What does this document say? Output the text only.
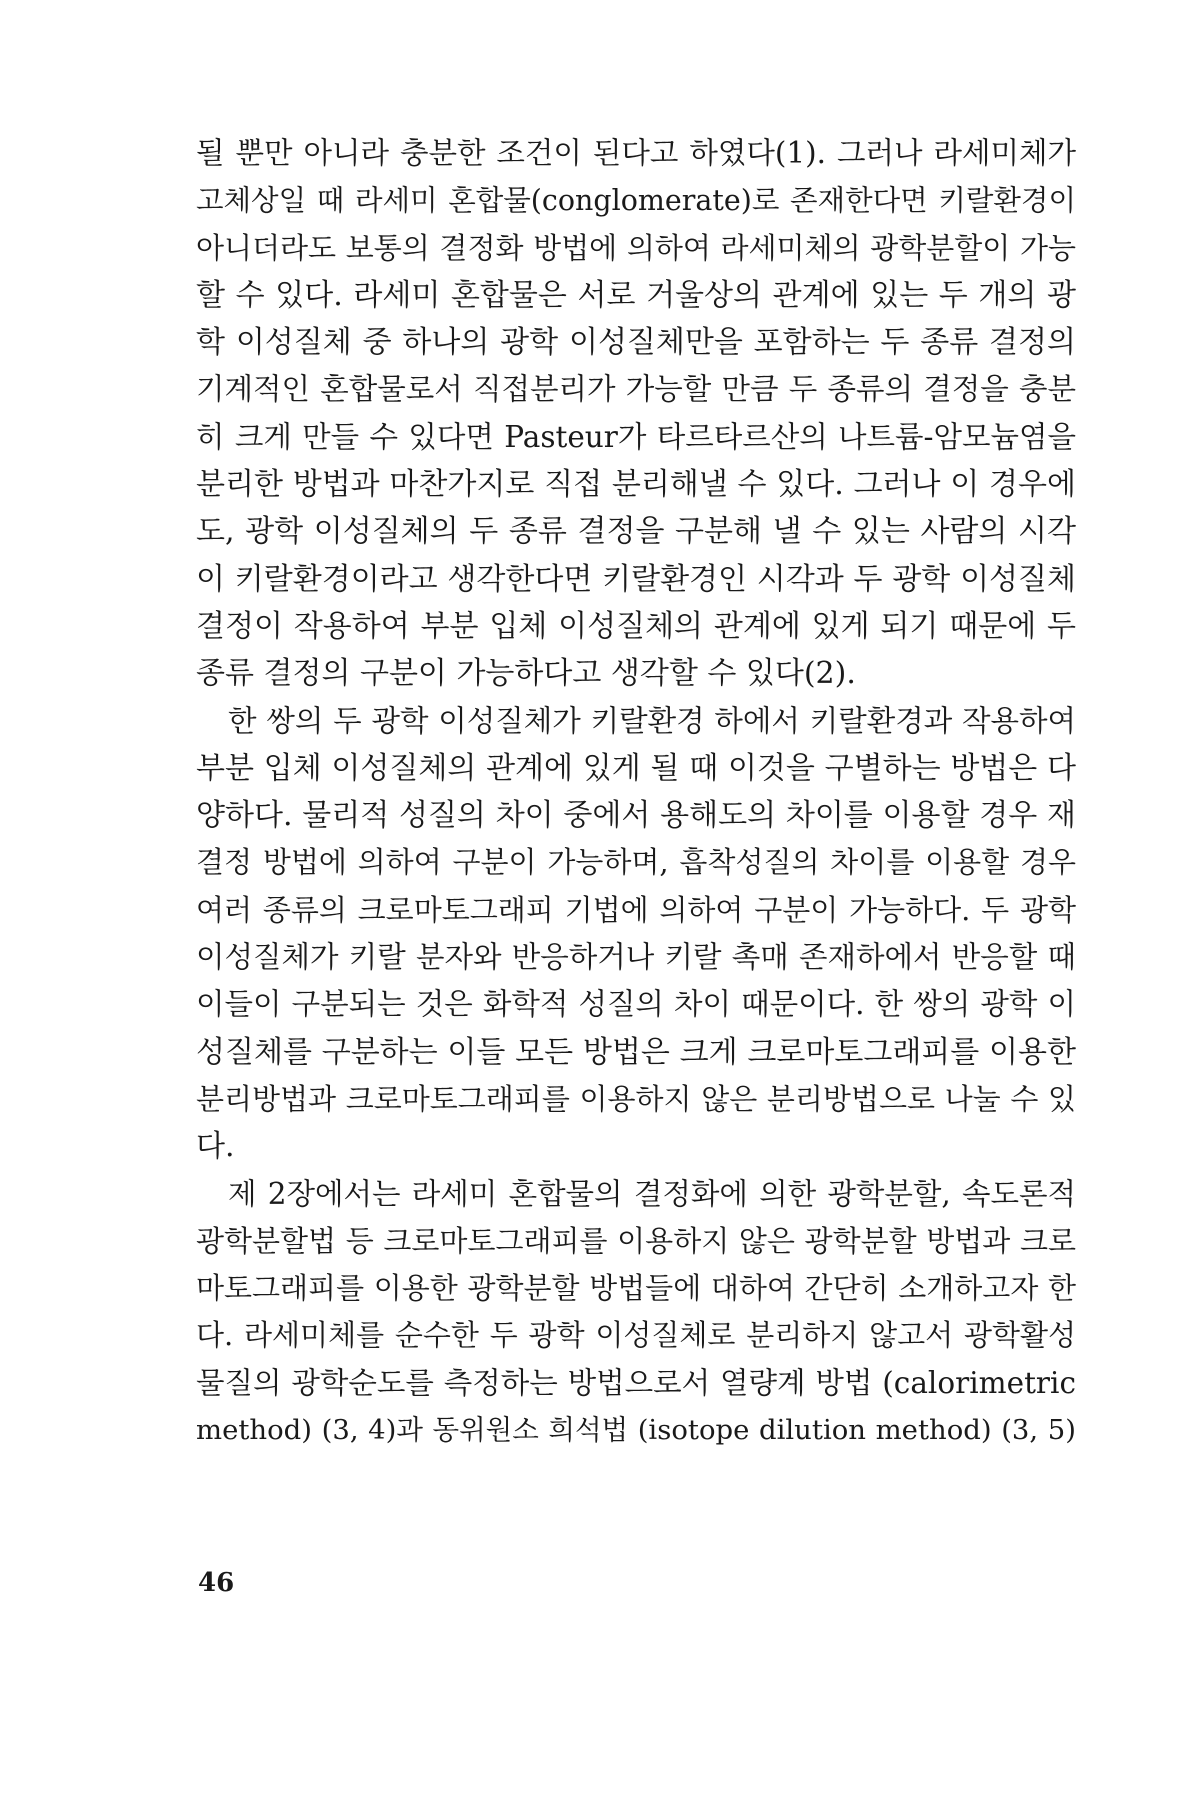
될 뿐만 아니라 충분한 조건이 된다고 하였다(1). 그러나 라세미체가
고체상일 때 라세미 혼합물(conglomerate)로 존재한다면 키랄환경이
아니더라도 보통의 결정화 방법에 의하여 라세미체의 광학분할이 가능
할 수 있다. 라세미 혼합물은 서로 거울상의 관계에 있는 두 개의 광
학 이성질체 중 하나의 광학 이성질체만을 포함하는 두 종류 결정의
기계적인 혼합물로서 직접분리가 가능할 만큼 두 종류의 결정을 충분
히 크게 만들 수 있다면 Pasteur가 타르타르산의 나트륨-암모늄염을
분리한 방법과 마찬가지로 직접 분리해낼 수 있다. 그러나 이 경우에
도, 광학 이성질체의 두 종류 결정을 구분해 낼 수 있는 사람의 시각
이 키랄환경이라고 생각한다면 키랄환경인 시각과 두 광학 이성질체
결정이 작용하여 부분 입체 이성질체의 관계에 있게 되기 때문에 두
종류 결정의 구분이 가능하다고 생각할 수 있다(2).
한 쌍의 두 광학 이성질체가 키랄환경 하에서 키랄환경과 작용하여
부분 입체 이성질체의 관계에 있게 될 때 이것을 구별하는 방법은 다
양하다. 물리적 성질의 차이 중에서 용해도의 차이를 이용할 경우 재
결정 방법에 의하여 구분이 가능하며, 흡착성질의 차이를 이용할 경우
여러 종류의 크로마토그래피 기법에 의하여 구분이 가능하다. 두 광학
이성질체가 키랄 분자와 반응하거나 키랄 촉매 존재하에서 반응할 때
이들이 구분되는 것은 화학적 성질의 차이 때문이다. 한 쌍의 광학 이
성질체를 구분하는 이들 모든 방법은 크게 크로마토그래피를 이용한
분리방법과 크로마토그래피를 이용하지 않은 분리방법으로 나눌 수 있
다.
제 2장에서는 라세미 혼합물의 결정화에 의한 광학분할, 속도론적
광학분할법 등 크로마토그래피를 이용하지 않은 광학분할 방법과 크로
마토그래피를 이용한 광학분할 방법들에 대하여 간단히 소개하고자 한
다. 라세미체를 순수한 두 광학 이성질체로 분리하지 않고서 광학활성
물질의 광학순도를 측정하는 방법으로서 열량계 방법 (calorimetric
method) (3, 4)과 동위원소 희석법 (isotope dilution method) (3, 5)
46
